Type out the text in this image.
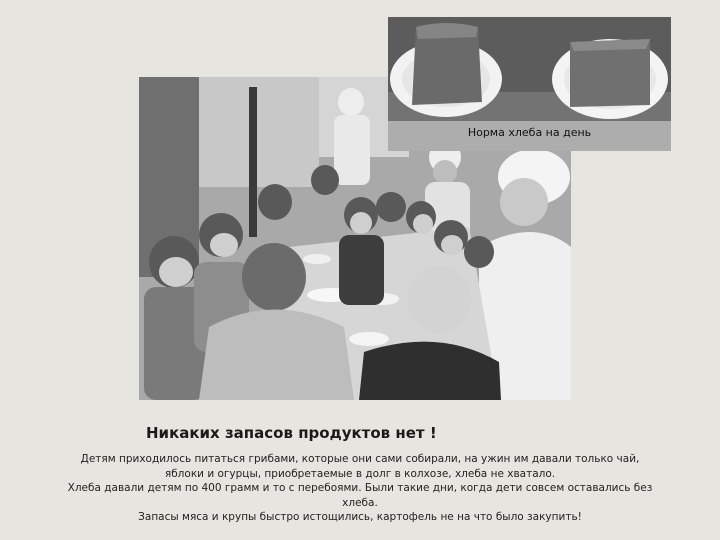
Норма хлеба на день
Никаких запасов продуктов нет !

Детям приходилось питаться грибами, которые они сами собирали, на ужин им давали только чай, яблоки и огурцы, приобретаемые в долг в колхозе, хлеба не хватало.

Хлеба давали детям по 400 грамм и то с перебоями. Были такие дни, когда дети совсем оставались без хлеба.

Запасы мяса и крупы быстро истощились, картофель не на что было закупить!
